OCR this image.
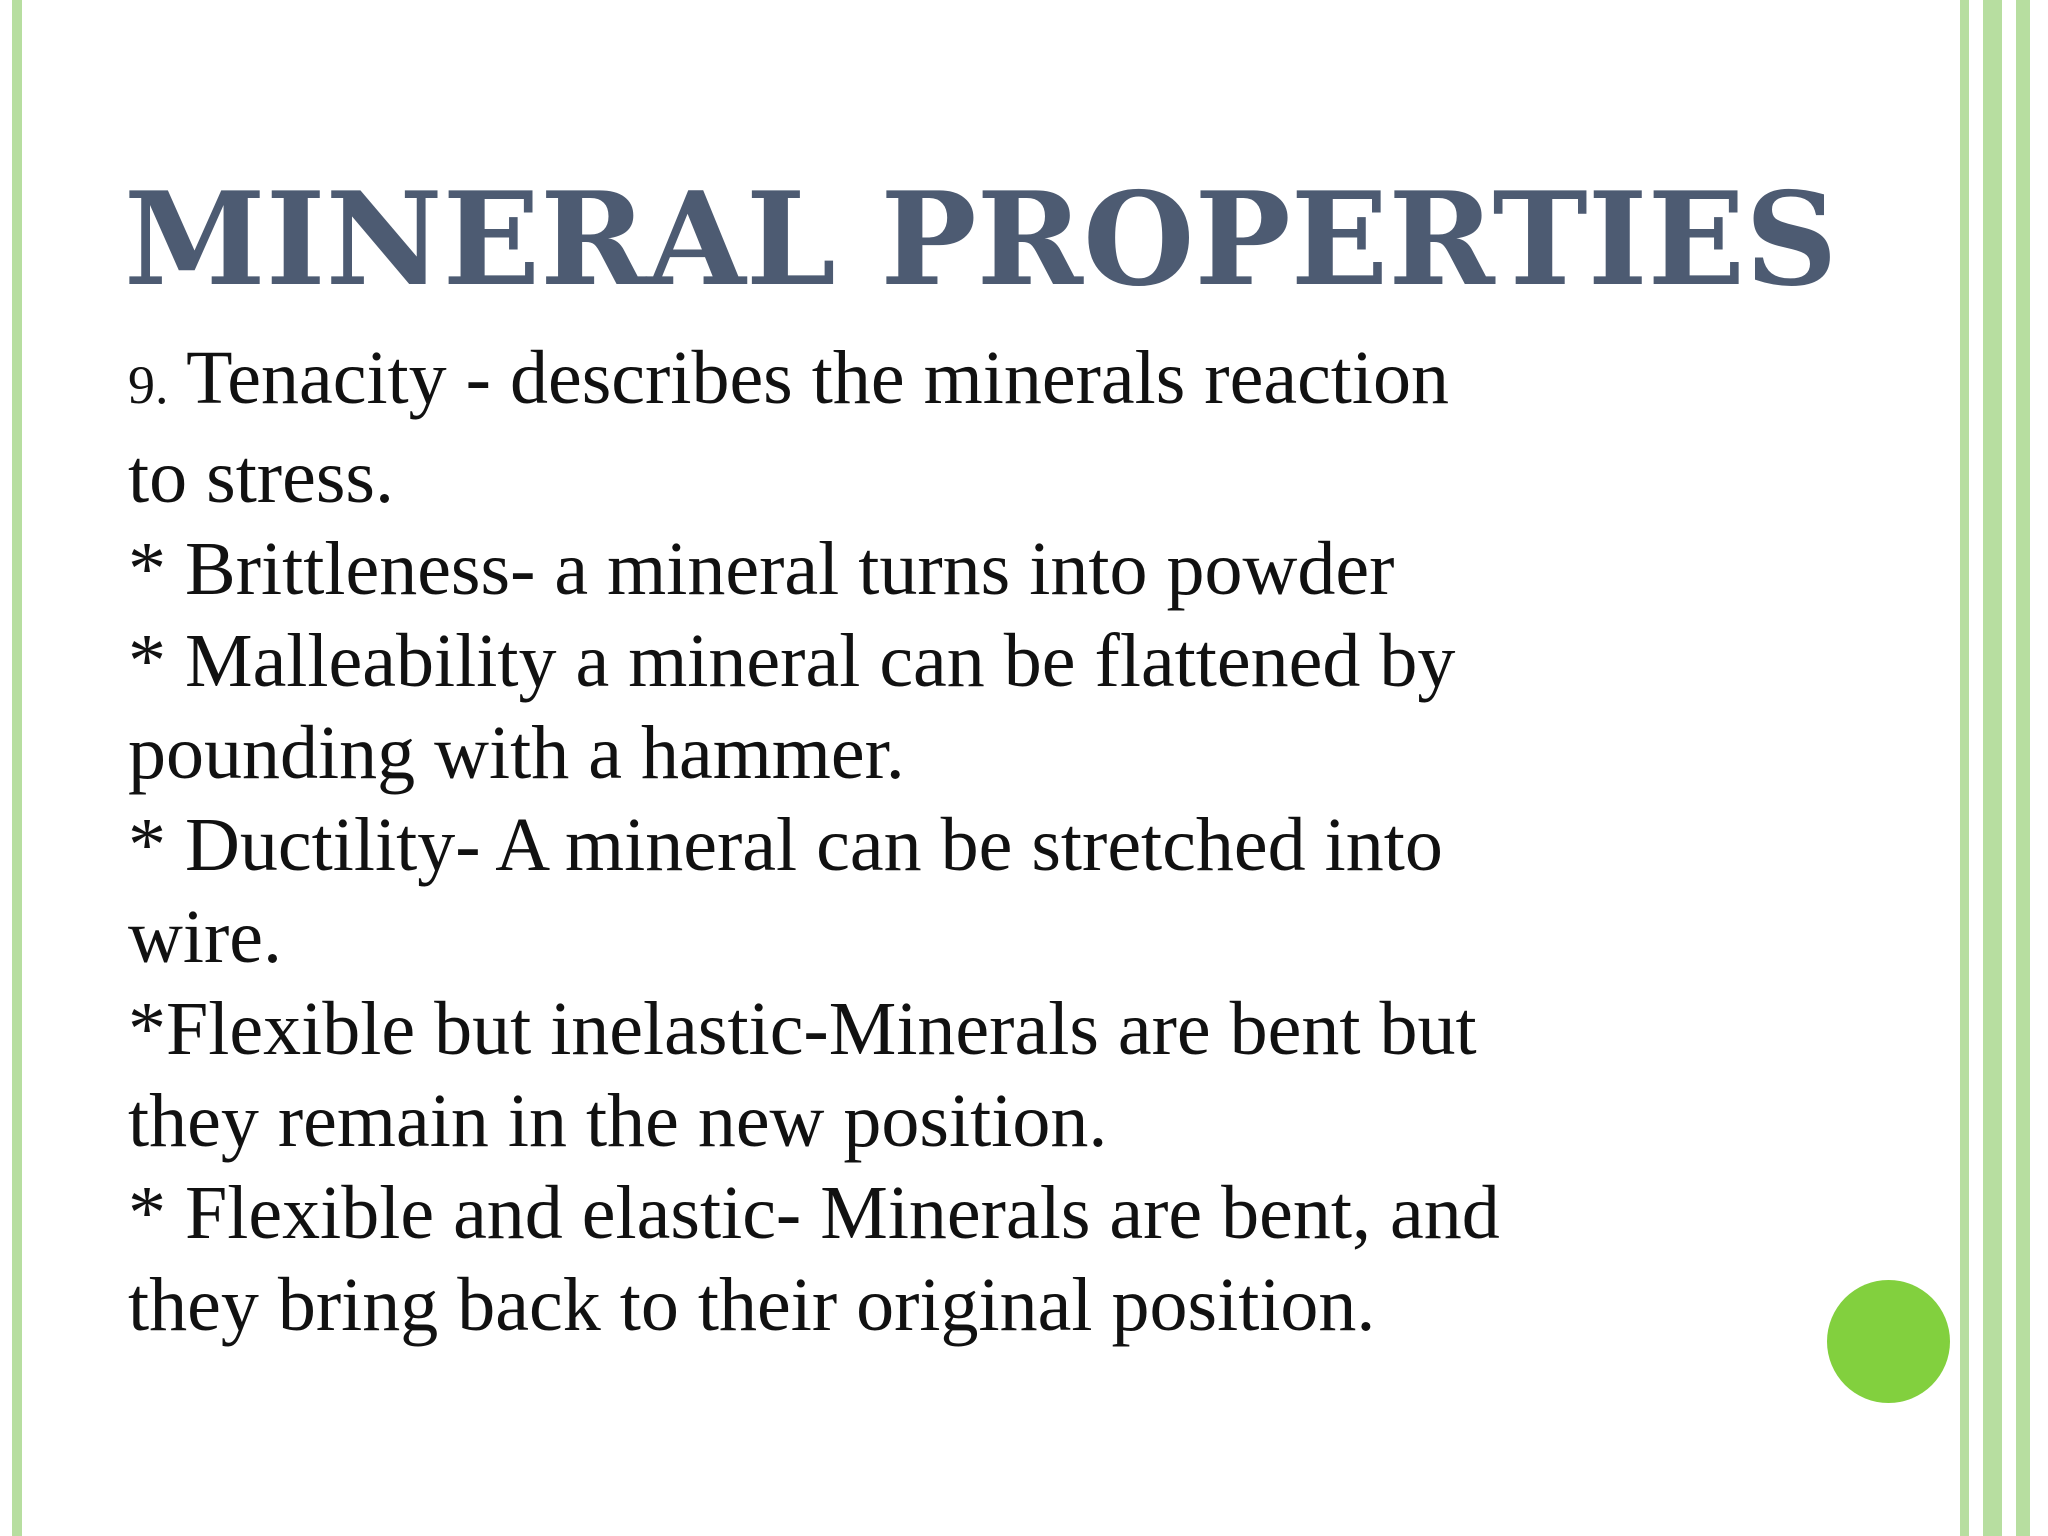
MINERAL PROPERTIES
9. Tenacity - describes the minerals reaction
to stress.
* Brittleness- a mineral turns into powder
* Malleability a mineral can be flattened by
pounding with a hammer.
* Ductility- A mineral can be stretched into
wire.
*Flexible but inelastic-Minerals are bent but
they remain in the new position.
* Flexible and elastic- Minerals are bent, and
they bring back to their original position.
